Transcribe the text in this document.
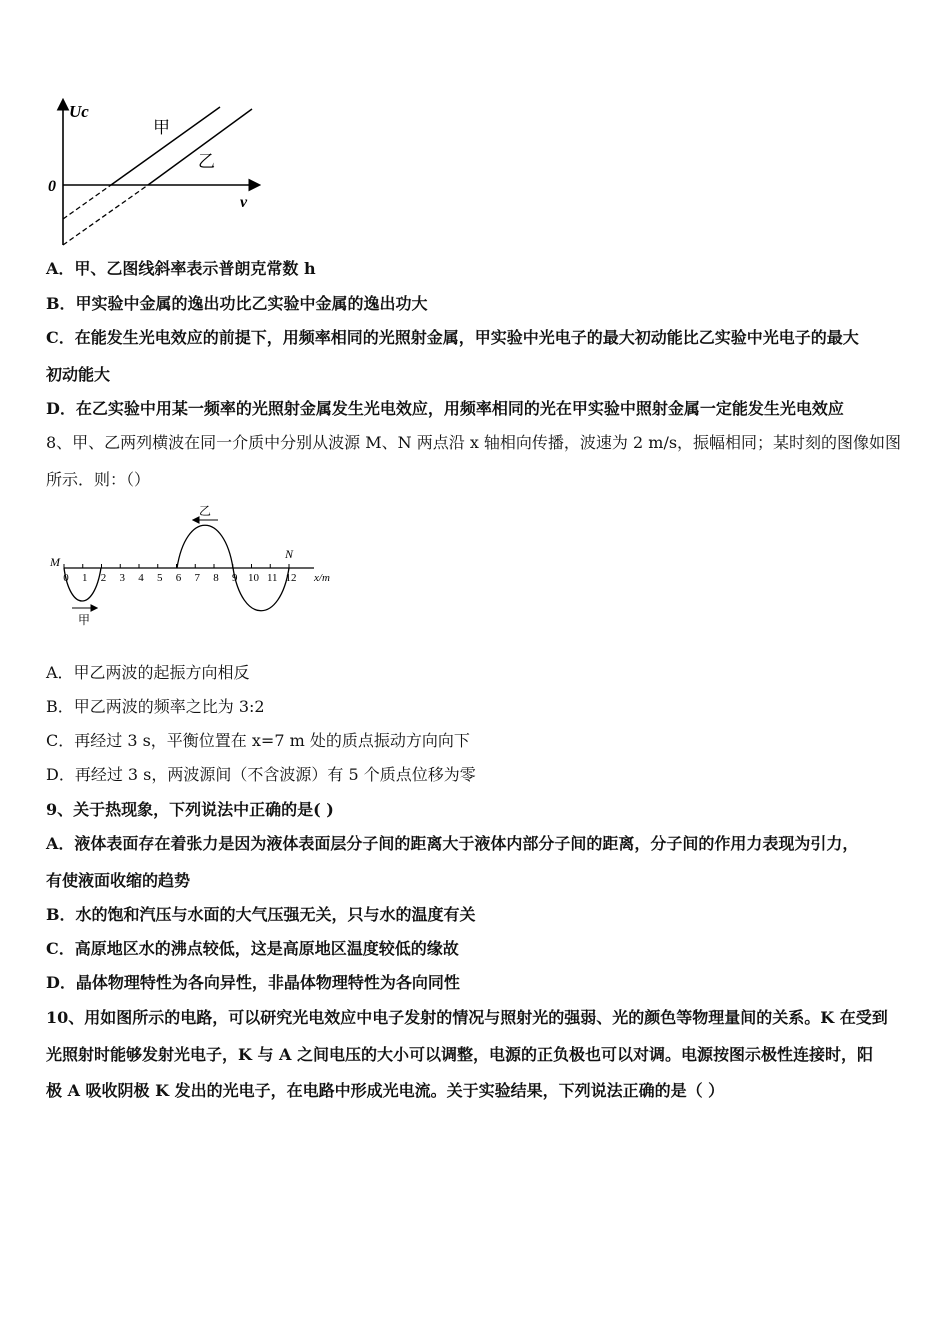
Uc
0
v
甲
乙
A．甲、乙图线斜率表示普朗克常数 h
B．甲实验中金属的逸出功比乙实验中金属的逸出功大
C．在能发生光电效应的前提下，用频率相同的光照射金属，甲实验中光电子的最大初动能比乙实验中光电子的最大
初动能大
D．在乙实验中用某一频率的光照射金属发生光电效应，用频率相同的光在甲实验中照射金属一定能发生光电效应
8、甲、乙两列横波在同一介质中分别从波源 M、N 两点沿 x 轴相向传播，波速为 2 m/s，振幅相同；某时刻的图像如图
所示．则：（）
0 1 2 3 4 5 6 7 8 9 10 11 12
M
N
x/m
甲
乙
A．甲乙两波的起振方向相反
B．甲乙两波的频率之比为 3:2
C．再经过 3 s，平衡位置在 x=7 m 处的质点振动方向向下
D．再经过 3 s，两波源间（不含波源）有 5 个质点位移为零
9、关于热现象，下列说法中正确的是( )
A．液体表面存在着张力是因为液体表面层分子间的距离大于液体内部分子间的距离，分子间的作用力表现为引力，
有使液面收缩的趋势
B．水的饱和汽压与水面的大气压强无关，只与水的温度有关
C．高原地区水的沸点较低，这是高原地区温度较低的缘故
D．晶体物理特性为各向异性，非晶体物理特性为各向同性
10、用如图所示的电路，可以研究光电效应中电子发射的情况与照射光的强弱、光的颜色等物理量间的关系。K 在受到
光照射时能够发射光电子，K 与 A 之间电压的大小可以调整，电源的正负极也可以对调。电源按图示极性连接时，阳
极 A 吸收阴极 K 发出的光电子，在电路中形成光电流。关于实验结果，下列说法正确的是（ ）
